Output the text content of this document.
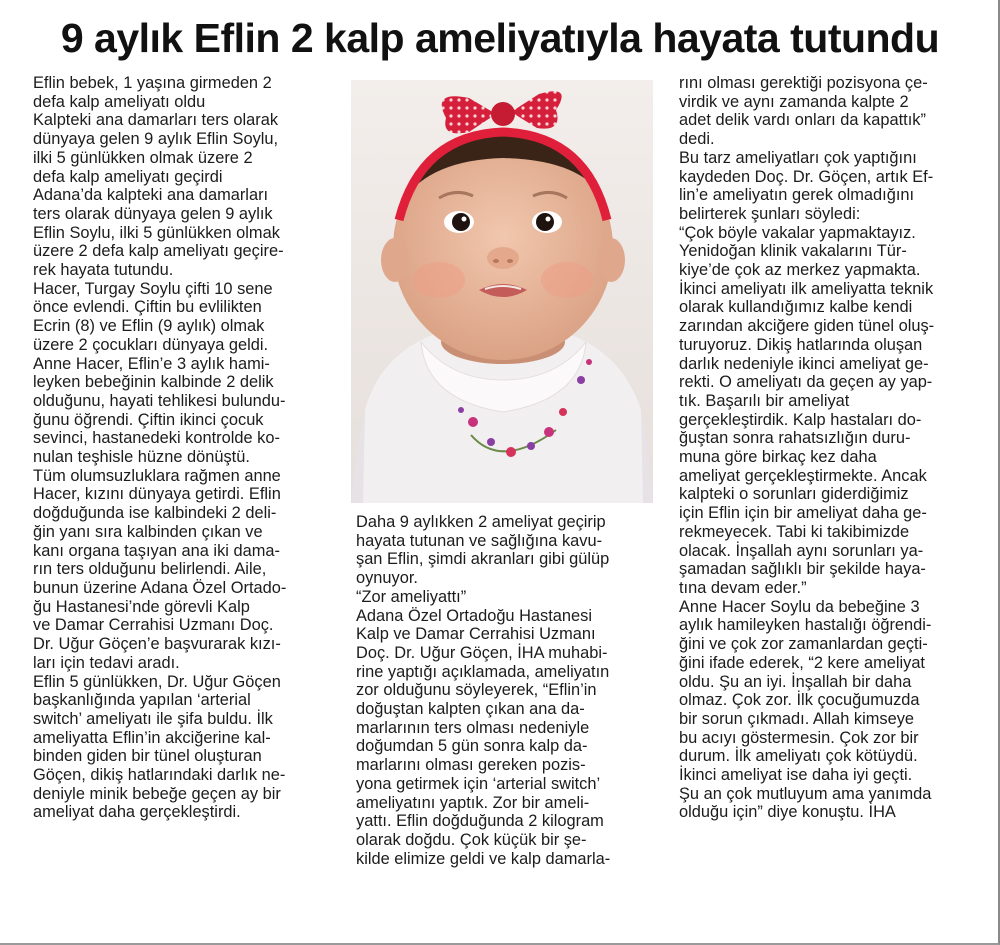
9 aylık Eflin 2 kalp ameliyatıyla hayata tutundu

Eflin bebek, 1 yaşına girmeden 2

defa kalp ameliyatı oldu

Kalpteki ana damarları ters olarak

dünyaya gelen 9 aylık Eflin Soylu,

ilki 5 günlükken olmak üzere 2

defa kalp ameliyatı geçirdi

Adana’da kalpteki ana damarları

ters olarak dünyaya gelen 9 aylık

Eflin Soylu, ilki 5 günlükken olmak

üzere 2 defa kalp ameliyatı geçire-

rek hayata tutundu.

Hacer, Turgay Soylu çifti 10 sene

önce evlendi. Çiftin bu evlilikten

Ecrin (8) ve Eflin (9 aylık) olmak

üzere 2 çocukları dünyaya geldi.

Anne Hacer, Eflin’e 3 aylık hami-

leyken bebeğinin kalbinde 2 delik

olduğunu, hayati tehlikesi bulundu-

ğunu öğrendi. Çiftin ikinci çocuk

sevinci, hastanedeki kontrolde ko-

nulan teşhisle hüzne dönüştü.

Tüm olumsuzluklara rağmen anne

Hacer, kızını dünyaya getirdi. Eflin

doğduğunda ise kalbindeki 2 deli-

ğin yanı sıra kalbinden çıkan ve

kanı organa taşıyan ana iki dama-

rın ters olduğunu belirlendi. Aile,

bunun üzerine Adana Özel Ortado-

ğu Hastanesi’nde görevli Kalp

ve Damar Cerrahisi Uzmanı Doç.

Dr. Uğur Göçen’e başvurarak kızı-

ları için tedavi aradı.

Eflin 5 günlükken, Dr. Uğur Göçen

başkanlığında yapılan ‘arterial

switch’ ameliyatı ile şifa buldu. İlk

ameliyatta Eflin’in akciğerine kal-

binden giden bir tünel oluşturan

Göçen, dikiş hatlarındaki darlık ne-

deniyle minik bebeğe geçen ay bir

ameliyat daha gerçekleştirdi.

Daha 9 aylıkken 2 ameliyat geçirip

hayata tutunan ve sağlığına kavu-

şan Eflin, şimdi akranları gibi gülüp

oynuyor.

“Zor ameliyattı”

Adana Özel Ortadoğu Hastanesi

Kalp ve Damar Cerrahisi Uzmanı

Doç. Dr. Uğur Göçen, İHA muhabi-

rine yaptığı açıklamada, ameliyatın

zor olduğunu söyleyerek, “Eflin’in

doğuştan kalpten çıkan ana da-

marlarının ters olması nedeniyle

doğumdan 5 gün sonra kalp da-

marlarını olması gereken pozis-

yona getirmek için ‘arterial switch’

ameliyatını yaptık. Zor bir ameli-

yattı. Eflin doğduğunda 2 kilogram

olarak doğdu. Çok küçük bir şe-

kilde elimize geldi ve kalp damarla-

rını olması gerektiği pozisyona çe-

virdik ve aynı zamanda kalpte 2

adet delik vardı onları da kapattık”

dedi.

Bu tarz ameliyatları çok yaptığını

kaydeden Doç. Dr. Göçen, artık Ef-

lin’e ameliyatın gerek olmadığını

belirterek şunları söyledi:

“Çok böyle vakalar yapmaktayız.

Yenidoğan klinik vakalarını Tür-

kiye’de çok az merkez yapmakta.

İkinci ameliyatı ilk ameliyatta teknik

olarak kullandığımız kalbe kendi

zarından akciğere giden tünel oluş-

turuyoruz. Dikiş hatlarında oluşan

darlık nedeniyle ikinci ameliyat ge-

rekti. O ameliyatı da geçen ay yap-

tık. Başarılı bir ameliyat

gerçekleştirdik. Kalp hastaları do-

ğuştan sonra rahatsızlığın duru-

muna göre birkaç kez daha

ameliyat gerçekleştirmekte. Ancak

kalpteki o sorunları giderdiğimiz

için Eflin için bir ameliyat daha ge-

rekmeyecek. Tabi ki takibimizde

olacak. İnşallah aynı sorunları ya-

şamadan sağlıklı bir şekilde haya-

tına devam eder.”

Anne Hacer Soylu da bebeğine 3

aylık hamileyken hastalığı öğrendi-

ğini ve çok zor zamanlardan geçti-

ğini ifade ederek, “2 kere ameliyat

oldu. Şu an iyi. İnşallah bir daha

olmaz. Çok zor. İlk çocuğumuzda

bir sorun çıkmadı. Allah kimseye

bu acıyı göstermesin. Çok zor bir

durum. İlk ameliyatı çok kötüydü.

İkinci ameliyat ise daha iyi geçti.

Şu an çok mutluyum ama yanımda

olduğu için” diye konuştu. İHA
